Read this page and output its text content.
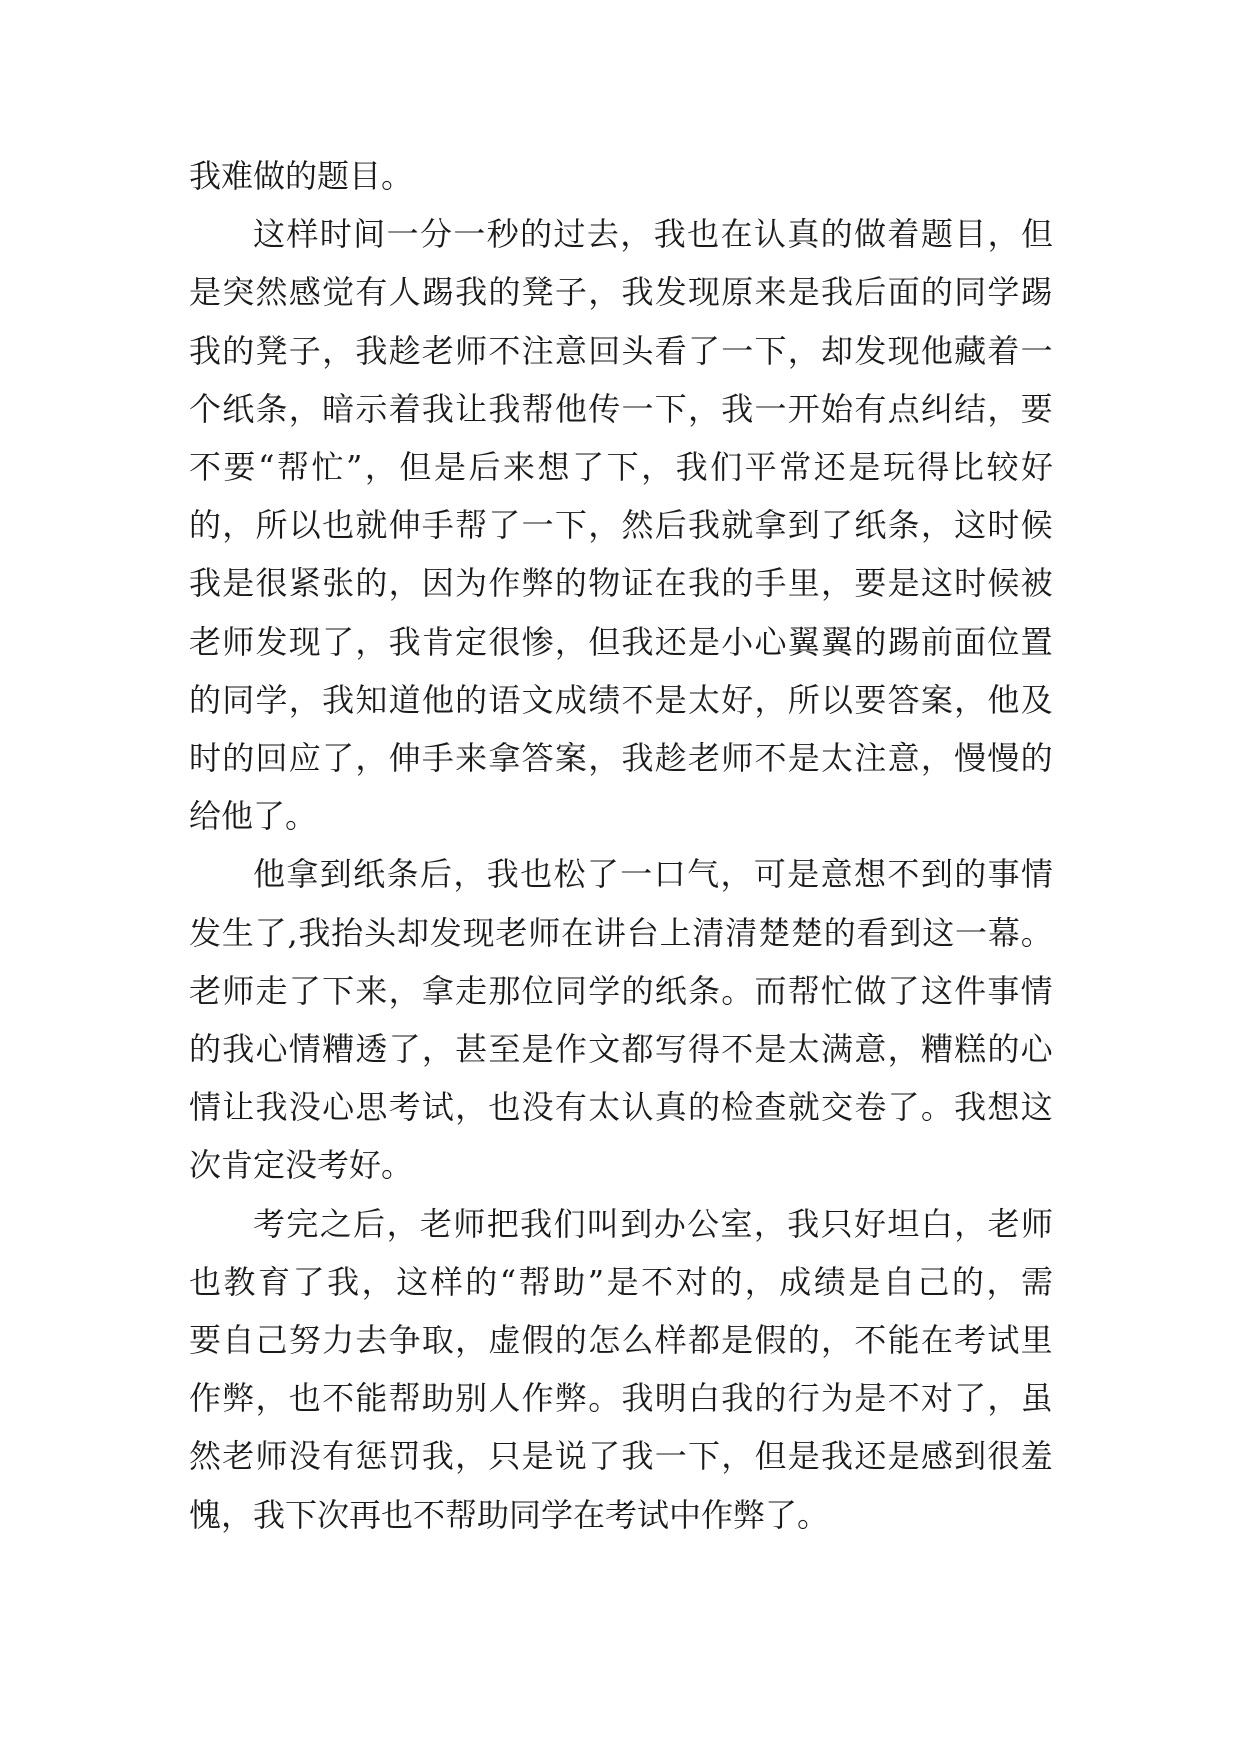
我难做的题目。
这 样 时 间 一 分 一 秒 的 过 去 ， 我 也 在 认 真 的 做 着 题 目 ， 但
是 突 然 感 觉 有 人 踢 我 的 凳 子 ， 我 发 现 原 来 是 我 后 面 的 同 学 踢
我 的 凳 子 ， 我 趁 老 师 不 注 意 回 头 看 了 一 下 ， 却 发 现 他 藏 着 一
个 纸 条 ， 暗 示 着 我 让 我 帮 他 传 一 下 ， 我 一 开 始 有 点 纠 结 ， 要
不 要 “ 帮 忙 ” ， 但 是 后 来 想 了 下 ， 我 们 平 常 还 是 玩 得 比 较 好
的 ， 所 以 也 就 伸 手 帮 了 一 下 ， 然 后 我 就 拿 到 了 纸 条 ， 这 时 候
我 是 很 紧 张 的 ， 因 为 作 弊 的 物 证 在 我 的 手 里 ， 要 是 这 时 候 被
老 师 发 现 了 ， 我 肯 定 很 惨 ， 但 我 还 是 小 心 翼 翼 的 踢 前 面 位 置
的 同 学 ， 我 知 道 他 的 语 文 成 绩 不 是 太 好 ， 所 以 要 答 案 ， 他 及
时 的 回 应 了 ， 伸 手 来 拿 答 案 ， 我 趁 老 师 不 是 太 注 意 ， 慢 慢 的
给他了。
他 拿 到 纸 条 后 ， 我 也 松 了 一 口 气 ， 可 是 意 想 不 到 的 事 情
发 生 了 , 我 抬 头 却 发 现 老 师 在 讲 台 上 清 清 楚 楚 的 看 到 这 一 幕 。
老 师 走 了 下 来 ， 拿 走 那 位 同 学 的 纸 条 。 而 帮 忙 做 了 这 件 事 情
的 我 心 情 糟 透 了 ， 甚 至 是 作 文 都 写 得 不 是 太 满 意 ， 糟 糕 的 心
情 让 我 没 心 思 考 试 ， 也 没 有 太 认 真 的 检 查 就 交 卷 了 。 我 想 这
次肯定没考好。
考 完 之 后 ， 老 师 把 我 们 叫 到 办 公 室 ， 我 只 好 坦 白 ， 老 师
也 教 育 了 我 ， 这 样 的 “ 帮 助 ” 是 不 对 的 ， 成 绩 是 自 己 的 ， 需
要 自 己 努 力 去 争 取 ， 虚 假 的 怎 么 样 都 是 假 的 ， 不 能 在 考 试 里
作 弊 ， 也 不 能 帮 助 别 人 作 弊 。 我 明 白 我 的 行 为 是 不 对 了 ， 虽
然 老 师 没 有 惩 罚 我 ， 只 是 说 了 我 一 下 ， 但 是 我 还 是 感 到 很 羞
愧，我下次再也不帮助同学在考试中作弊了。
